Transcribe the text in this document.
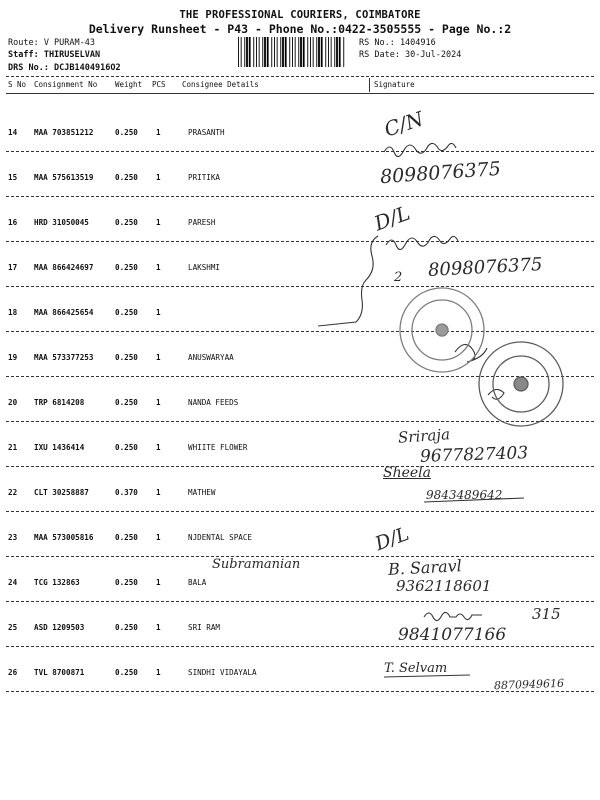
THE PROFESSIONAL COURIERS, COIMBATORE
Delivery Runsheet - P43 - Phone No.:0422-3505555 - Page No.:2
Route: V PURAM-43
Staff: THIRUSELVAN
DRS No.: DCJB1404916O2
RS No.: 1404916
RS Date: 30-Jul-2024
S No Consignment No Weight PCS Consignee Details	Signature
14 MAA 703851212	0.250 1	PRASANTH
15 MAA 575613519	0.250 1	PRITIKA
16 HRD 31050045	0.250 1	PARESH
17 MAA 866424697	0.250 1	LAKSHMI
18 MAA 866425654	0.250 1
19 MAA 573377253	0.250 1	ANUSWARYAA
20 TRP 6814208	0.250 1	NANDA FEEDS
21 IXU 1436414	0.250 1	WHIITE FLOWER
22 CLT 30258887	0.370 1	MATHEW
23 MAA 573005816	0.250 1	NJDENTAL SPACE
24 TCG 132863	0.250 1	BALA
25 ASD 1209503	0.250 1	SRI RAM
26 TVL 8700871	0.250 1	SINDHI VIDAYALA
C/N
8098076375
D/L
8098076375
2
Sriraja
9677827403
Sheela
9843489642
D/L
Subramanian	B. Saravl
9362118601
315
9841077166
T. Selvam
8870949616
